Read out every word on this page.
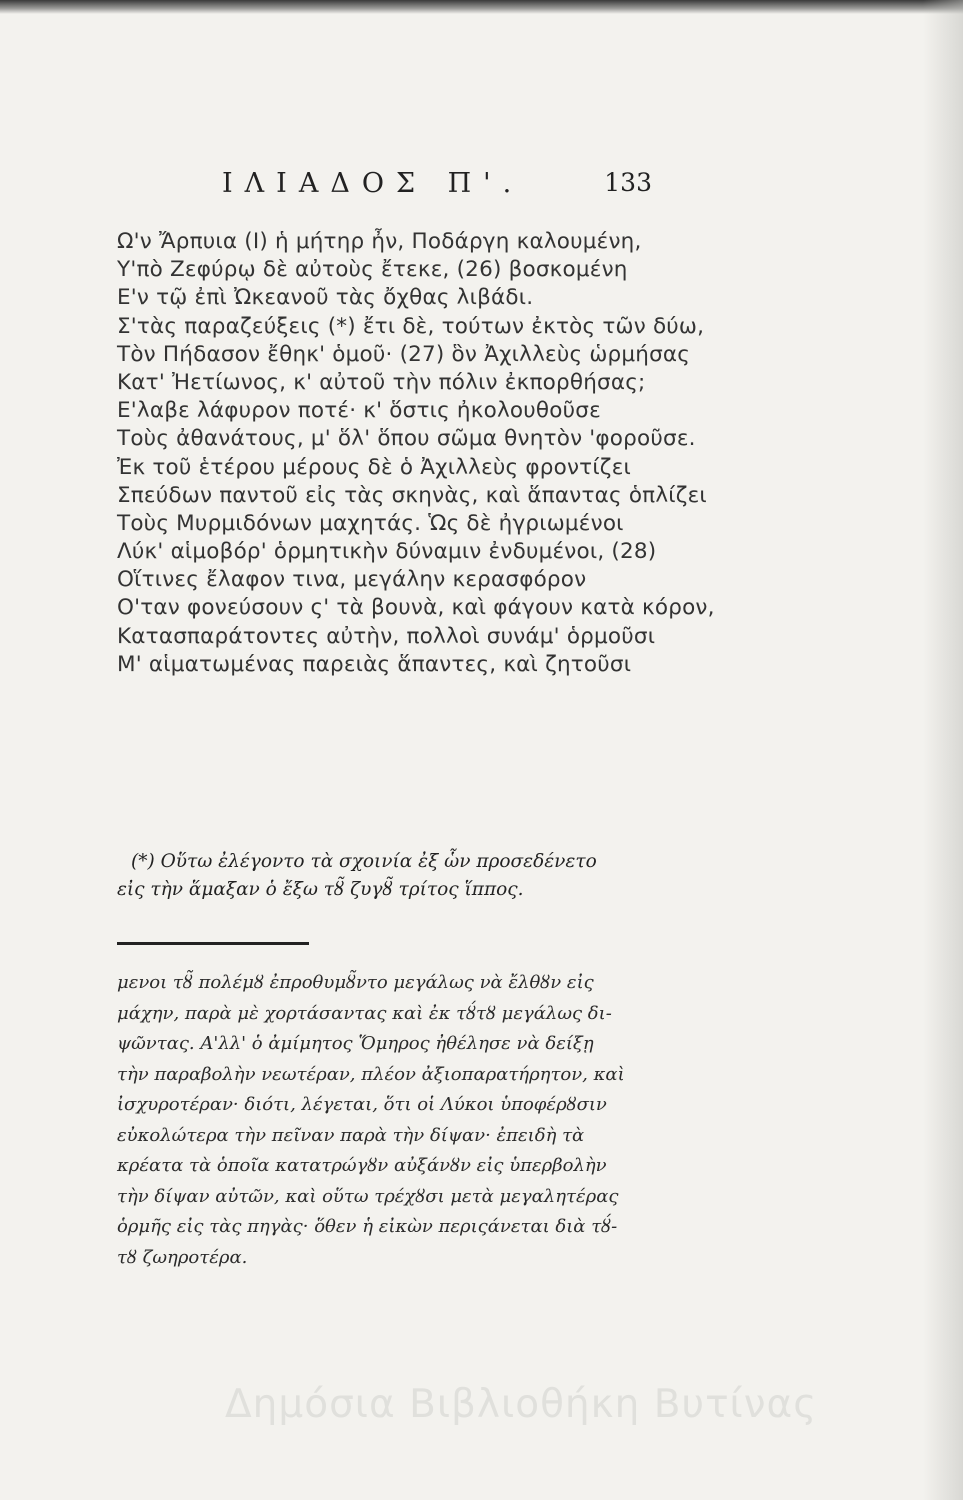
ΙΛΙΑΔΟΣ Π'.	133
Ω'ν Ἄρπυια (Ι) ἡ μήτηρ ἦν, Ποδάργη καλουμένη,
Υ'πὸ Ζεφύρῳ δὲ αὐτοὺς ἔτεκε, (26) βοσκομένη
Ε'ν τῷ ἐπὶ Ὠκεανοῦ τὰς ὄχθας λιβάδι.
Σ'τὰς παραζεύξεις (*) ἔτι δὲ, τούτων ἐκτὸς τῶν δύω,
Τὸν Πήδασον ἔθηκ' ὁμοῦ· (27) ὃν Ἀχιλλεὺς ὡρμήσας
Κατ' Ἠετίωνος, κ' αὐτοῦ τὴν πόλιν ἐκπορθήσας;
Ε'λαβε λάφυρον ποτέ· κ' ὅστις ἠκολουθοῦσε
Τοὺς ἀθανάτους, μ' ὅλ' ὅπου σῶμα θνητὸν 'φοροῦσε.
Ἐκ τοῦ ἑτέρου μέρους δὲ ὁ Ἀχιλλεὺς φροντίζει
Σπεύδων παντοῦ εἰς τὰς σκηνὰς, καὶ ἅπαντας ὁπλίζει
Τοὺς Μυρμιδόνων μαχητάς. Ὡς δὲ ἠγριωμένοι
Λύκ' αἱμοβόρ' ὁρμητικὴν δύναμιν ἐνδυμένοι, (28)
Οἵτινες ἔλαφον τινα, μεγάλην κερασφόρον
Ο'ταν φονεύσουν ς' τὰ βουνὰ, καὶ φάγουν κατὰ κόρον,
Κατασπαράτοντες αὐτὴν, πολλοὶ συνάμ' ὁρμοῦσι
Μ' αἱματωμένας παρειὰς ἅπαντες, καὶ ζητοῦσι
(*) Οὕτω ἐλέγοντο τὰ σχοινία ἐξ ὧν προσεδένετο
εἰς τὴν ἅμαξαν ὁ ἔξω τȣ̃ ζυγȣ̃ τρίτος ἵππος.
μενοι τȣ̃ πολέμȣ ἐπροθυμȣ̃ντο μεγάλως νὰ ἔλθȣν εἰς
μάχην, παρὰ μὲ χορτάσαντας καὶ ἐκ τȣ́τȣ μεγάλως δι-
ψῶντας. Α'λλ' ὁ ἀμίμητος Ὅμηρος ἠθέλησε νὰ δείξῃ
τὴν παραβολὴν νεωτέραν, πλέον ἀξιοπαρατήρητον, καὶ
ἰσχυροτέραν· διότι, λέγεται, ὅτι οἱ Λύκοι ὑποφέρȣσιν
εὐκολώτερα τὴν πεῖναν παρὰ τὴν δίψαν· ἐπειδὴ τὰ
κρέατα τὰ ὁποῖα κατατρώγȣν αὐξάνȣν εἰς ὑπερβολὴν
τὴν δίψαν αὐτῶν, καὶ οὕτω τρέχȣσι μετὰ μεγαλητέρας
ὁρμῆς εἰς τὰς πηγὰς· ὅθεν ἡ εἰκὼν περιςάνεται διὰ τȣ́-
τȣ ζωηροτέρα.
Δημόσια Βιβλιοθήκη Βυτίνας
